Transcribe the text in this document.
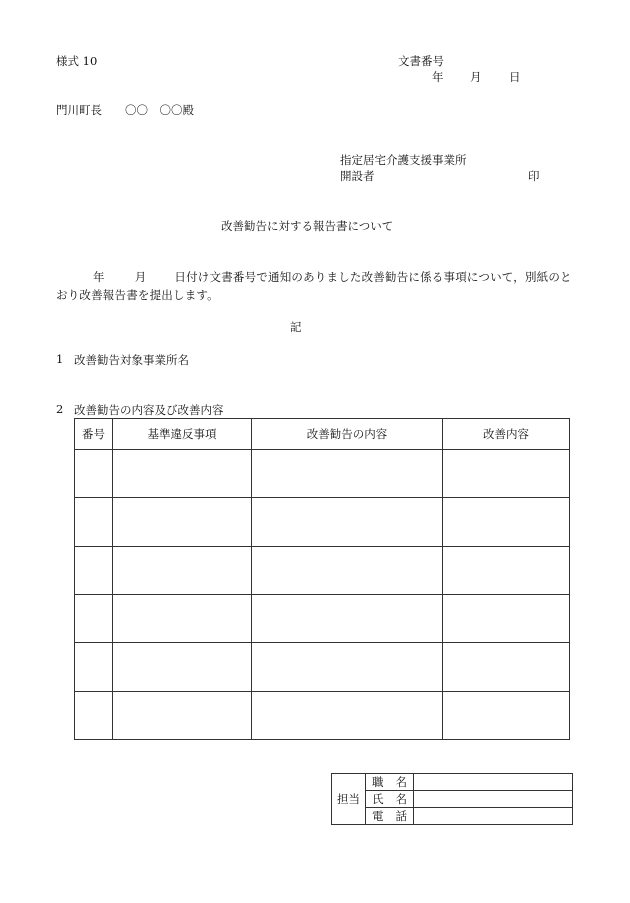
様式 10	文書番号
年 月 日
門川町長　　〇〇　〇〇殿
指定居宅介護支援事業所
開設者	印
改善勧告に対する報告書について
年	月 日付け文書番号で通知のありました改善勧告に係る事項について，別紙のとおり改善報告書を提出します。
記
1 改善勧告対象事業所名
2 改善勧告の内容及び改善内容
番号	基準違反事項	改善勧告の内容	改善内容

担当	職名	
	氏名	
	電話	
